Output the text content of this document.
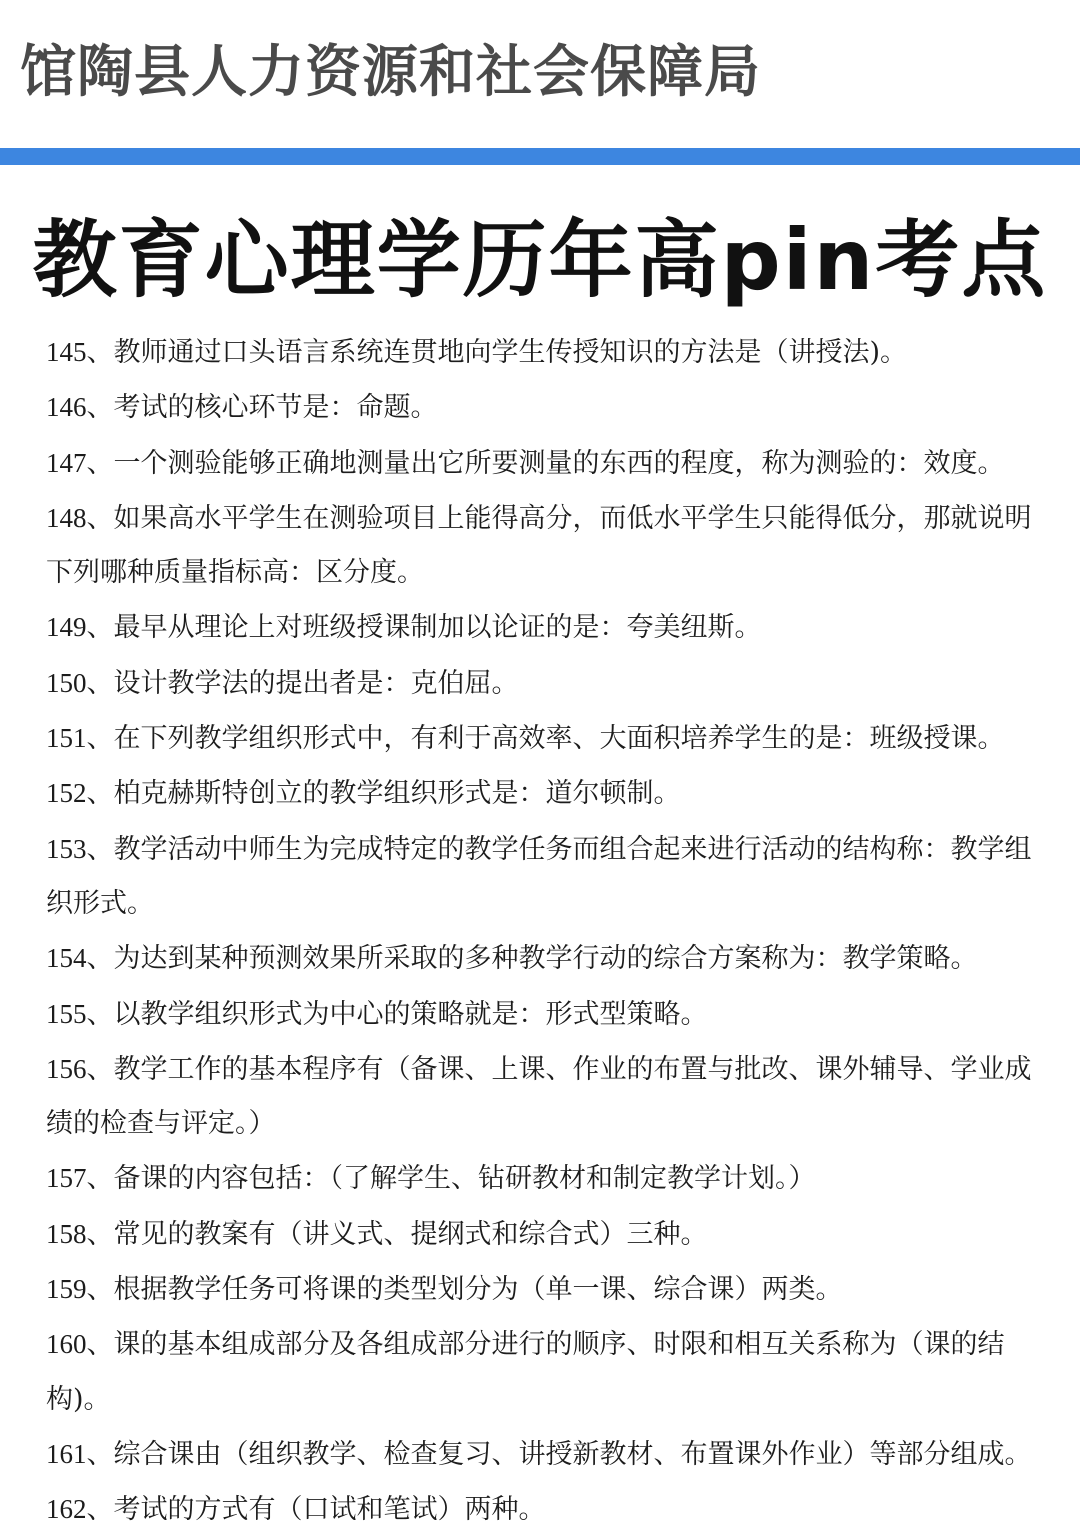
馆陶县人力资源和社会保障局
教育心理学历年高pin考点
145、教师通过口头语言系统连贯地向学生传授知识的方法是（讲授法)。
146、考试的核心环节是：命题。
147、一个测验能够正确地测量出它所要测量的东西的程度，称为测验的：效度。
148、如果高水平学生在测验项目上能得高分，而低水平学生只能得低分，那就说明下列哪种质量指标高：区分度。
149、最早从理论上对班级授课制加以论证的是：夸美纽斯。
150、设计教学法的提出者是：克伯屈。
151、在下列教学组织形式中，有利于高效率、大面积培养学生的是：班级授课。
152、柏克赫斯特创立的教学组织形式是：道尔顿制。
153、教学活动中师生为完成特定的教学任务而组合起来进行活动的结构称：教学组织形式。
154、为达到某种预测效果所采取的多种教学行动的综合方案称为：教学策略。
155、以教学组织形式为中心的策略就是：形式型策略。
156、教学工作的基本程序有（备课、上课、作业的布置与批改、课外辅导、学业成绩的检查与评定。）
157、备课的内容包括：（了解学生、钻研教材和制定教学计划。）
158、常见的教案有（讲义式、提纲式和综合式）三种。
159、根据教学任务可将课的类型划分为（单一课、综合课）两类。
160、课的基本组成部分及各组成部分进行的顺序、时限和相互关系称为（课的结构)。
161、综合课由（组织教学、检查复习、讲授新教材、布置课外作业）等部分组成。
162、考试的方式有（口试和笔试）两种。
